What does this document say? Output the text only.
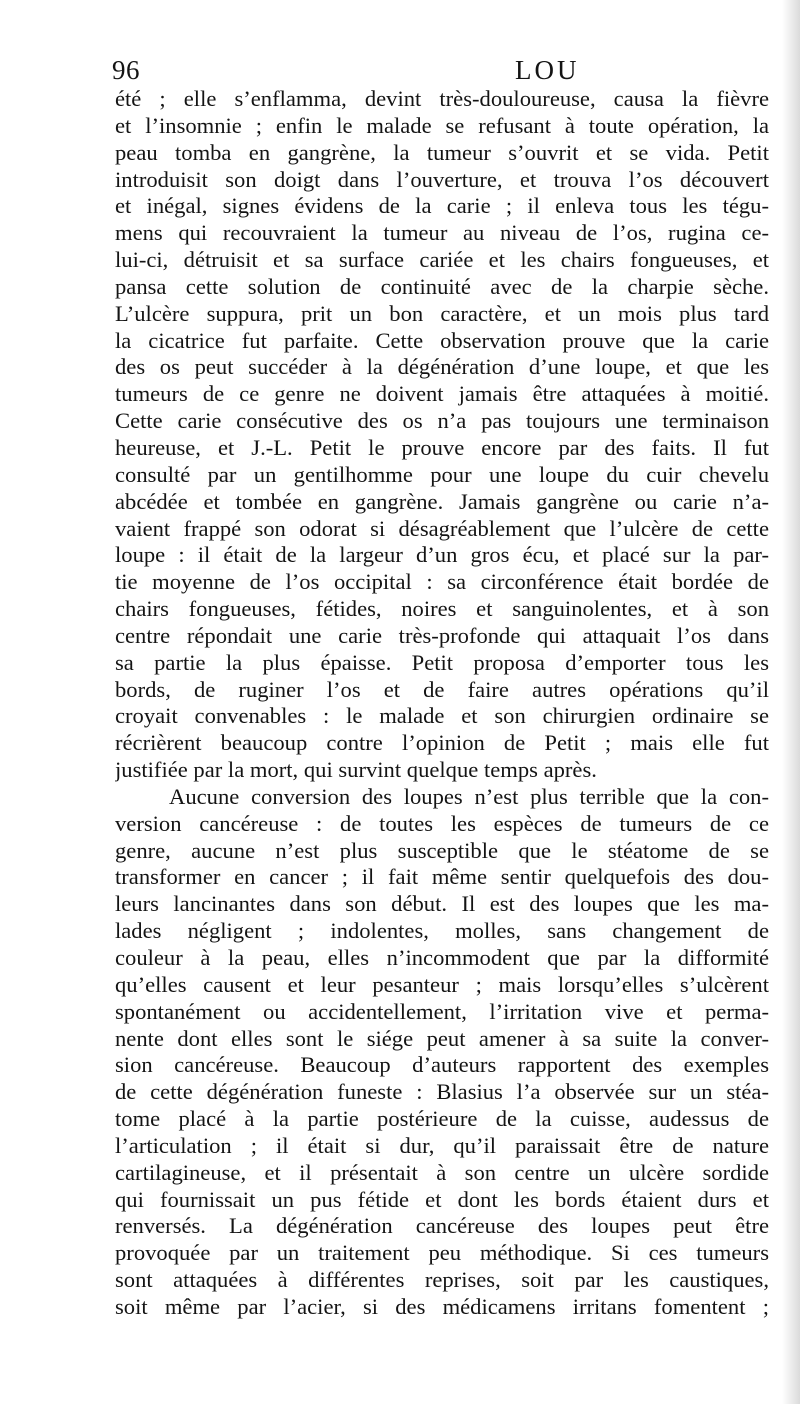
96	LOU
été ; elle s’enflamma, devint très-douloureuse, causa la fièvre
et l’insomnie ; enfin le malade se refusant à toute opération, la
peau tomba en gangrène, la tumeur s’ouvrit et se vida. Petit
introduisit son doigt dans l’ouverture, et trouva l’os découvert
et inégal, signes évidens de la carie ; il enleva tous les tégu-
mens qui recouvraient la tumeur au niveau de l’os, rugina ce-
lui-ci, détruisit et sa surface cariée et les chairs fongueuses, et
pansa cette solution de continuité avec de la charpie sèche.
L’ulcère suppura, prit un bon caractère, et un mois plus tard
la cicatrice fut parfaite. Cette observation prouve que la carie
des os peut succéder à la dégénération d’une loupe, et que les
tumeurs de ce genre ne doivent jamais être attaquées à moitié.
Cette carie consécutive des os n’a pas toujours une terminaison
heureuse, et J.-L. Petit le prouve encore par des faits. Il fut
consulté par un gentilhomme pour une loupe du cuir chevelu
abcédée et tombée en gangrène. Jamais gangrène ou carie n’a-
vaient frappé son odorat si désagréablement que l’ulcère de cette
loupe : il était de la largeur d’un gros écu, et placé sur la par-
tie moyenne de l’os occipital : sa circonférence était bordée de
chairs fongueuses, fétides, noires et sanguinolentes, et à son
centre répondait une carie très-profonde qui attaquait l’os dans
sa partie la plus épaisse. Petit proposa d’emporter tous les
bords, de ruginer l’os et de faire autres opérations qu’il
croyait convenables : le malade et son chirurgien ordinaire se
récrièrent beaucoup contre l’opinion de Petit ; mais elle fut
justifiée par la mort, qui survint quelque temps après.
Aucune conversion des loupes n’est plus terrible que la con-
version cancéreuse : de toutes les espèces de tumeurs de ce
genre, aucune n’est plus susceptible que le stéatome de se
transformer en cancer ; il fait même sentir quelquefois des dou-
leurs lancinantes dans son début. Il est des loupes que les ma-
lades négligent ; indolentes, molles, sans changement de
couleur à la peau, elles n’incommodent que par la difformité
qu’elles causent et leur pesanteur ; mais lorsqu’elles s’ulcèrent
spontanément ou accidentellement, l’irritation vive et perma-
nente dont elles sont le siége peut amener à sa suite la conver-
sion cancéreuse. Beaucoup d’auteurs rapportent des exemples
de cette dégénération funeste : Blasius l’a observée sur un stéa-
tome placé à la partie postérieure de la cuisse, audessus de
l’articulation ; il était si dur, qu’il paraissait être de nature
cartilagineuse, et il présentait à son centre un ulcère sordide
qui fournissait un pus fétide et dont les bords étaient durs et
renversés. La dégénération cancéreuse des loupes peut être
provoquée par un traitement peu méthodique. Si ces tumeurs
sont attaquées à différentes reprises, soit par les caustiques,
soit même par l’acier, si des médicamens irritans fomentent ;
